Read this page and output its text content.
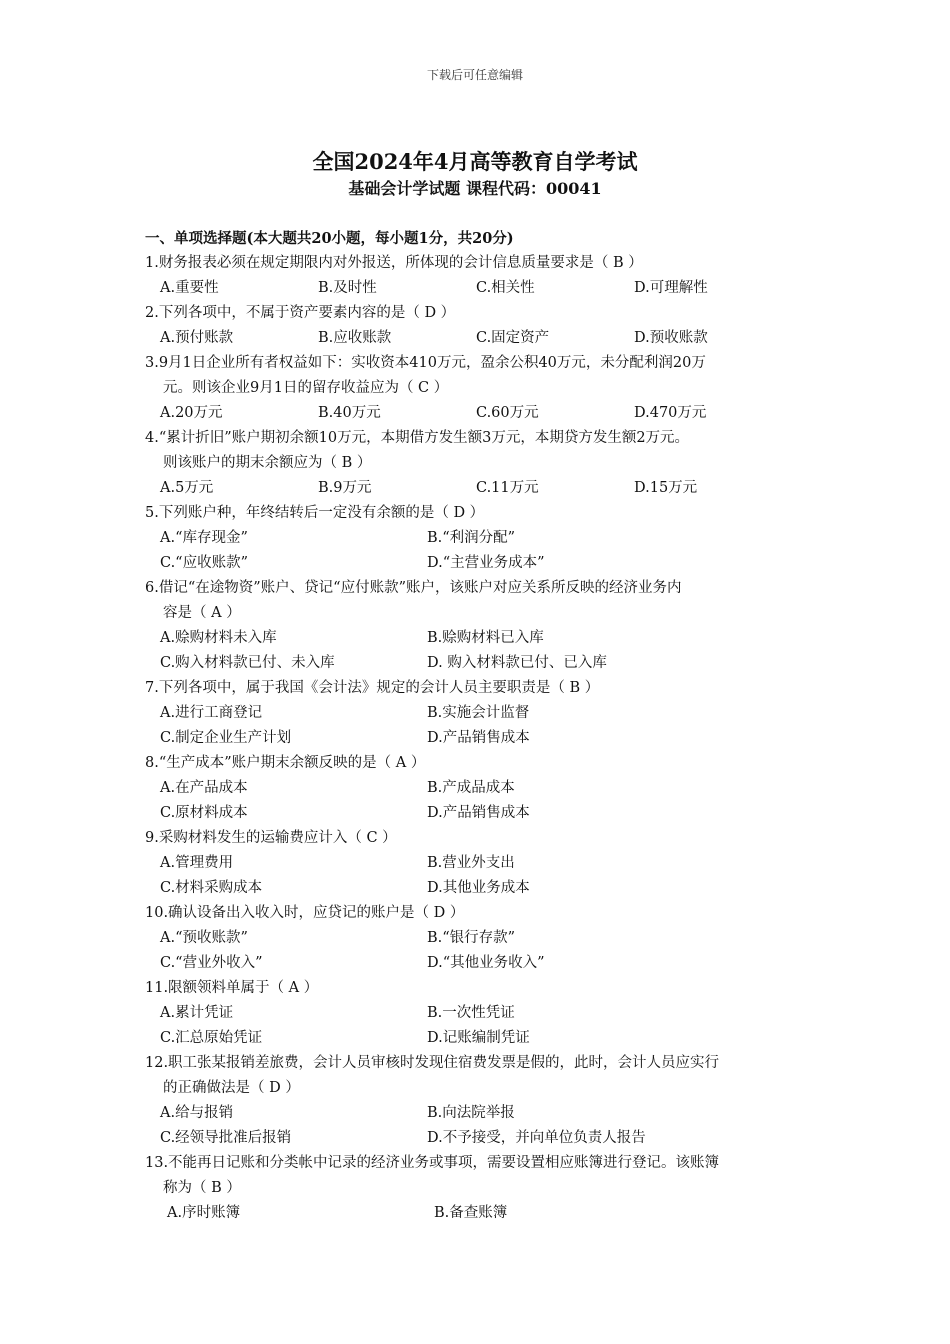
下载后可任意编辑
全国2024年4月高等教育自学考试
基础会计学试题 课程代码：00041
一、单项选择题(本大题共20小题，每小题1分，共20分)
1.财务报表必须在规定期限内对外报送，所体现的会计信息质量要求是（ B ）
A.重要性	B.及时性	C.相关性	D.可理解性
2.下列各项中，不属于资产要素内容的是（ D ）
A.预付账款	B.应收账款	C.固定资产	D.预收账款
3.9月1日企业所有者权益如下：实收资本410万元，盈余公积40万元，未分配利润20万
元。则该企业9月1日的留存收益应为（ C ）
A.20万元	B.40万元	C.60万元	D.470万元
4.“累计折旧”账户期初余额10万元，本期借方发生额3万元，本期贷方发生额2万元。
则该账户的期末余额应为（ B ）
A.5万元	B.9万元	C.11万元	D.15万元
5.下列账户种，年终结转后一定没有余额的是（ D ）
A.“库存现金”	B.“利润分配”
C.“应收账款”	D.“主营业务成本”
6.借记“在途物资”账户、贷记“应付账款”账户，该账户对应关系所反映的经济业务内
容是（ A ）
A.赊购材料未入库	B.赊购材料已入库
C.购入材料款已付、未入库	D. 购入材料款已付、已入库
7.下列各项中，属于我国《会计法》规定的会计人员主要职责是（ B ）
A.进行工商登记	B.实施会计监督
C.制定企业生产计划	D.产品销售成本
8.“生产成本”账户期末余额反映的是（ A ）
A.在产品成本	B.产成品成本
C.原材料成本	D.产品销售成本
9.采购材料发生的运输费应计入（ C ）
A.管理费用	B.营业外支出
C.材料采购成本	D.其他业务成本
10.确认设备出入收入时，应贷记的账户是（ D ）
A.“预收账款”	B.“银行存款”
C.“营业外收入”	D.“其他业务收入”
11.限额领料单属于（ A ）
A.累计凭证	B.一次性凭证
C.汇总原始凭证	D.记账编制凭证
12.职工张某报销差旅费，会计人员审核时发现住宿费发票是假的，此时，会计人员应实行
的正确做法是（ D ）
A.给与报销	B.向法院举报
C.经领导批准后报销	D.不予接受，并向单位负责人报告
13.不能再日记账和分类帐中记录的经济业务或事项，需要设置相应账簿进行登记。该账簿
称为（ B ）
A.序时账簿	B.备查账簿
